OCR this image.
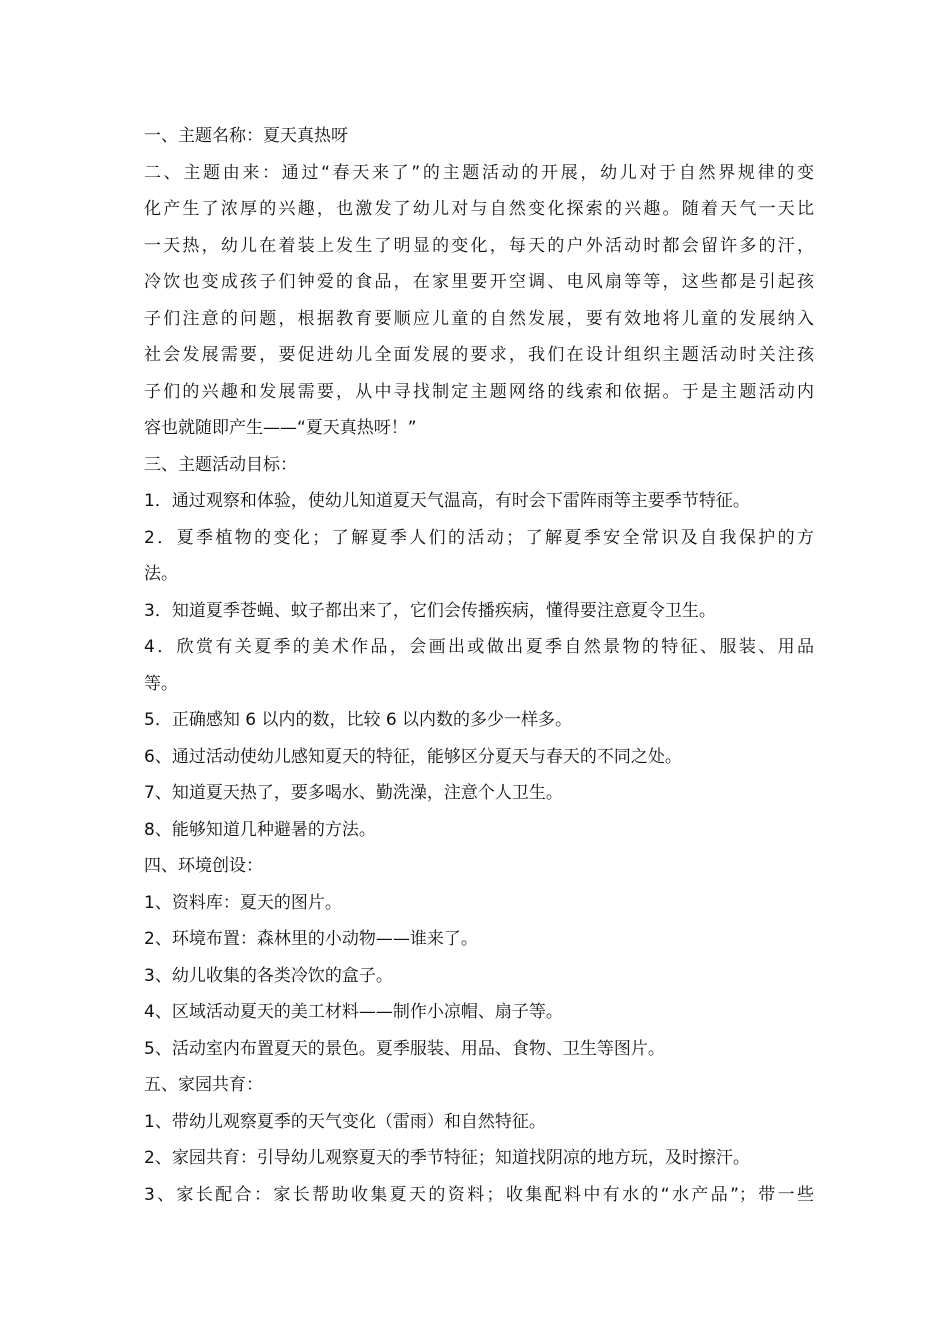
一、主题名称：夏天真热呀
二、主题由来：通过“春天来了”的主题活动的开展，幼儿对于自然界规律的变
化产生了浓厚的兴趣，也激发了幼儿对与自然变化探索的兴趣。随着天气一天比
一天热，幼儿在着装上发生了明显的变化，每天的户外活动时都会留许多的汗，
冷饮也变成孩子们钟爱的食品，在家里要开空调、电风扇等等，这些都是引起孩
子们注意的问题，根据教育要顺应儿童的自然发展，要有效地将儿童的发展纳入
社会发展需要，要促进幼儿全面发展的要求，我们在设计组织主题活动时关注孩
子们的兴趣和发展需要，从中寻找制定主题网络的线索和依据。于是主题活动内
容也就随即产生——“夏天真热呀！”
三、主题活动目标：
1．通过观察和体验，使幼儿知道夏天气温高，有时会下雷阵雨等主要季节特征。
2．夏季植物的变化；了解夏季人们的活动；了解夏季安全常识及自我保护的方
法。
3．知道夏季苍蝇、蚊子都出来了，它们会传播疾病，懂得要注意夏令卫生。
4．欣赏有关夏季的美术作品，会画出或做出夏季自然景物的特征、服装、用品
等。
5．正确感知 6 以内的数，比较 6 以内数的多少一样多。
6、通过活动使幼儿感知夏天的特征，能够区分夏天与春天的不同之处。
7、知道夏天热了，要多喝水、勤洗澡，注意个人卫生。
8、能够知道几种避暑的方法。
四、环境创设：
1、资料库：夏天的图片。
2、环境布置：森林里的小动物——谁来了。
3、幼儿收集的各类冷饮的盒子。
4、区域活动夏天的美工材料——制作小凉帽、扇子等。
5、活动室内布置夏天的景色。夏季服装、用品、食物、卫生等图片。
五、家园共育：
1、带幼儿观察夏季的天气变化（雷雨）和自然特征。
2、家园共育：引导幼儿观察夏天的季节特征；知道找阴凉的地方玩，及时擦汗。
3、家长配合：家长帮助收集夏天的资料；收集配料中有水的“水产品”；带一些
